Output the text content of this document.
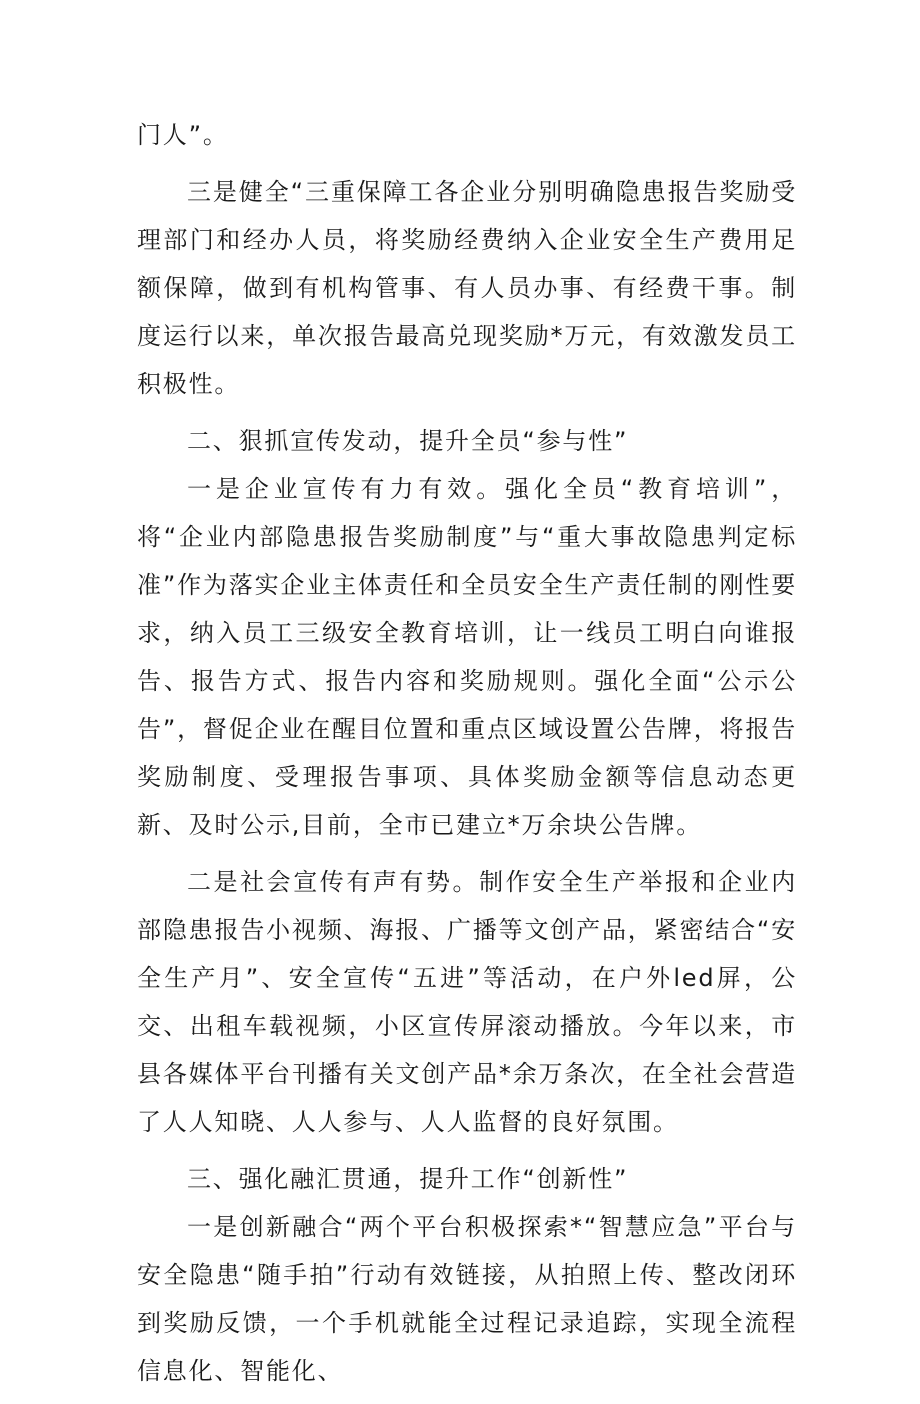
门人”。

三是健全“三重保障工各企业分别明确隐患报告奖励受理部门和经办人员，将奖励经费纳入企业安全生产费用足额保障，做到有机构管事、有人员办事、有经费干事。制度运行以来，单次报告最高兑现奖励*万元，有效激发员工积极性。

二、狠抓宣传发动，提升全员“参与性”

一是企业宣传有力有效。强化全员“教育培训”，将“企业内部隐患报告奖励制度”与“重大事故隐患判定标准”作为落实企业主体责任和全员安全生产责任制的刚性要求，纳入员工三级安全教育培训，让一线员工明白向谁报告、报告方式、报告内容和奖励规则。强化全面“公示公告”，督促企业在醒目位置和重点区域设置公告牌，将报告奖励制度、受理报告事项、具体奖励金额等信息动态更新、及时公示,目前，全市已建立*万余块公告牌。

二是社会宣传有声有势。制作安全生产举报和企业内部隐患报告小视频、海报、广播等文创产品，紧密结合“安全生产月”、安全宣传“五进”等活动，在户外led屏，公交、出租车载视频，小区宣传屏滚动播放。今年以来，市县各媒体平台刊播有关文创产品*余万条次，在全社会营造了人人知晓、人人参与、人人监督的良好氛围。

三、强化融汇贯通，提升工作“创新性”

一是创新融合“两个平台积极探索*“智慧应急”平台与安全隐患“随手拍”行动有效链接，从拍照上传、整改闭环到奖励反馈，一个手机就能全过程记录追踪，实现全流程信息化、智能化、
